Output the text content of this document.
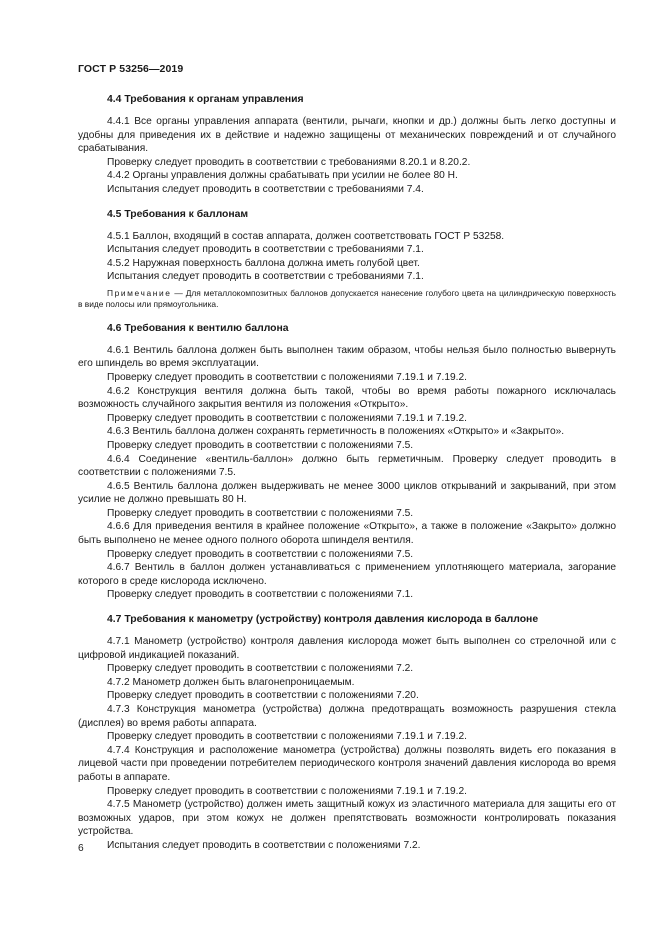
ГОСТ Р 53256—2019
4.4 Требования к органам управления

4.4.1 Все органы управления аппарата (вентили, рычаги, кнопки и др.) должны быть легко доступны и удобны для приведения их в действие и надежно защищены от механических повреждений и от случайного срабатывания.

Проверку следует проводить в соответствии с требованиями 8.20.1 и 8.20.2.

4.4.2 Органы управления должны срабатывать при усилии не более 80 Н.

Испытания следует проводить в соответствии с требованиями 7.4.

4.5 Требования к баллонам

4.5.1 Баллон, входящий в состав аппарата, должен соответствовать ГОСТ Р 53258.

Испытания следует проводить в соответствии с требованиями 7.1.

4.5.2 Наружная поверхность баллона должна иметь голубой цвет.

Испытания следует проводить в соответствии с требованиями 7.1.

Примечание — Для металлокомпозитных баллонов допускается нанесение голубого цвета на цилиндрическую поверхность в виде полосы или прямоугольника.

4.6 Требования к вентилю баллона

4.6.1 Вентиль баллона должен быть выполнен таким образом, чтобы нельзя было полностью вывернуть его шпиндель во время эксплуатации.

Проверку следует проводить в соответствии с положениями 7.19.1 и 7.19.2.

4.6.2 Конструкция вентиля должна быть такой, чтобы во время работы пожарного исключалась возможность случайного закрытия вентиля из положения «Открыто».

Проверку следует проводить в соответствии с положениями 7.19.1 и 7.19.2.

4.6.3 Вентиль баллона должен сохранять герметичность в положениях «Открыто» и «Закрыто».

Проверку следует проводить в соответствии с положениями 7.5.

4.6.4 Соединение «вентиль-баллон» должно быть герметичным. Проверку следует проводить в соответствии с положениями 7.5.

4.6.5 Вентиль баллона должен выдерживать не менее 3000 циклов открываний и закрываний, при этом усилие не должно превышать 80 Н.

Проверку следует проводить в соответствии с положениями 7.5.

4.6.6 Для приведения вентиля в крайнее положение «Открыто», а также в положение «Закрыто» должно быть выполнено не менее одного полного оборота шпинделя вентиля.

Проверку следует проводить в соответствии с положениями 7.5.

4.6.7 Вентиль в баллон должен устанавливаться с применением уплотняющего материала, загорание которого в среде кислорода исключено.

Проверку следует проводить в соответствии с положениями 7.1.

4.7 Требования к манометру (устройству) контроля давления кислорода в баллоне

4.7.1 Манометр (устройство) контроля давления кислорода может быть выполнен со стрелочной или с цифровой индикацией показаний.

Проверку следует проводить в соответствии с положениями 7.2.

4.7.2 Манометр должен быть влагонепроницаемым.

Проверку следует проводить в соответствии с положениями 7.20.

4.7.3 Конструкция манометра (устройства) должна предотвращать возможность разрушения стекла (дисплея) во время работы аппарата.

Проверку следует проводить в соответствии с положениями 7.19.1 и 7.19.2.

4.7.4 Конструкция и расположение манометра (устройства) должны позволять видеть его показания в лицевой части при проведении потребителем периодического контроля значений давления кислорода во время работы в аппарате.

Проверку следует проводить в соответствии с положениями 7.19.1 и 7.19.2.

4.7.5 Манометр (устройство) должен иметь защитный кожух из эластичного материала для защиты его от возможных ударов, при этом кожух не должен препятствовать возможности контролировать показания устройства.

Испытания следует проводить в соответствии с положениями 7.2.

6
